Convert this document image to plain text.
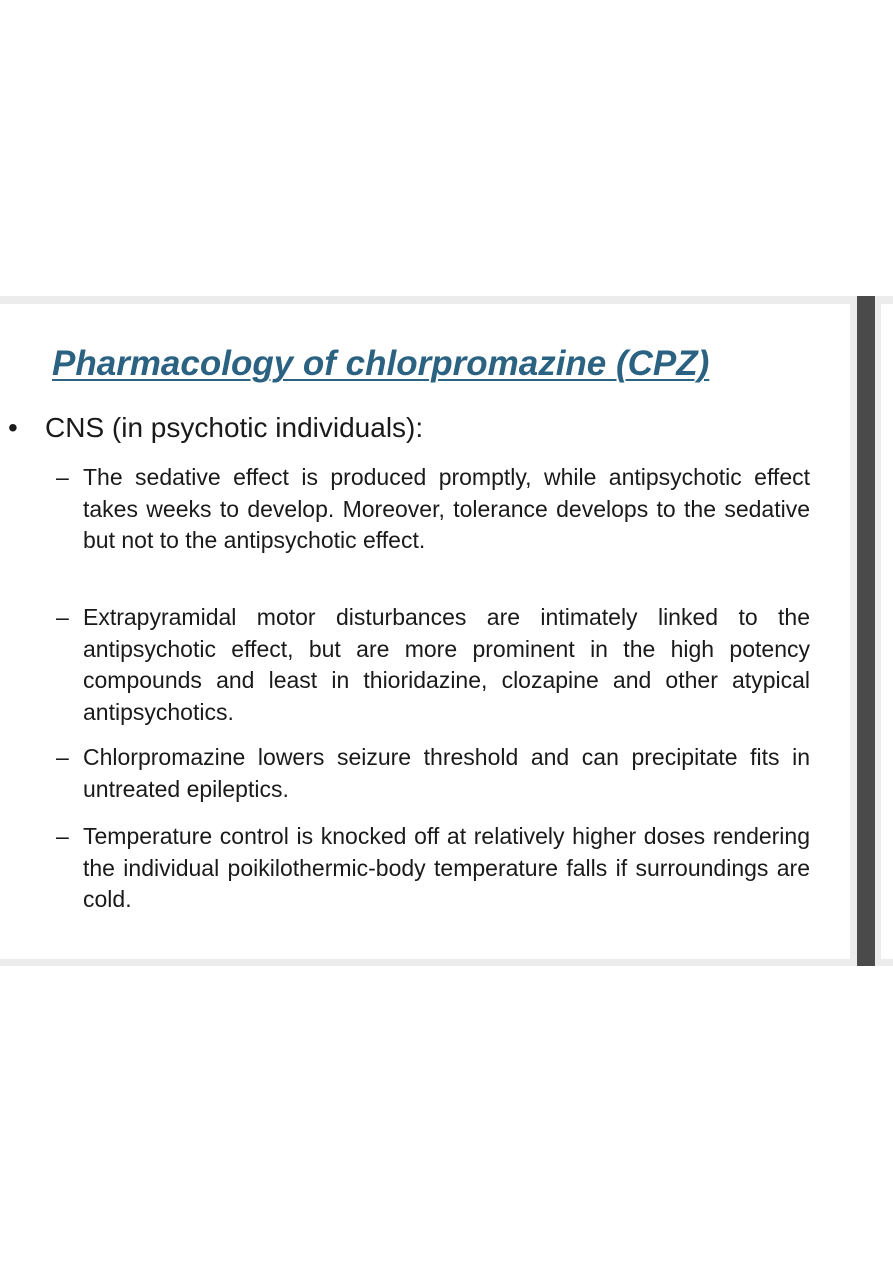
Pharmacology of chlorpromazine (CPZ)
• CNS (in psychotic individuals):
– The sedative effect is produced promptly, while antipsychotic effect takes weeks to develop. Moreover, tolerance develops to the sedative but not to the antipsychotic effect.
– Extrapyramidal motor disturbances are intimately linked to the antipsychotic effect, but are more prominent in the high potency compounds and least in thioridazine, clozapine and other atypical antipsychotics.
– Chlorpromazine lowers seizure threshold and can precipitate fits in untreated epileptics.
– Temperature control is knocked off at relatively higher doses rendering the individual poikilothermic-body temperature falls if surroundings are cold.
